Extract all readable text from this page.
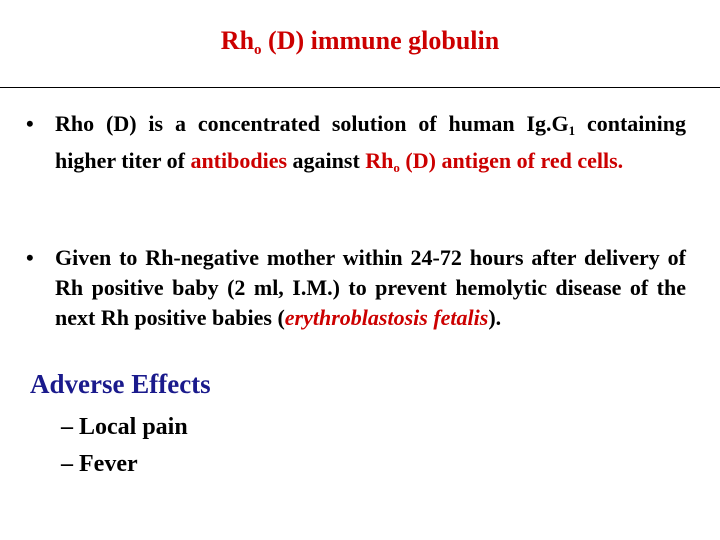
$Rh_o$ (D) immune globulin
• Rho (D) is a concentrated solution of human $Ig.G_1$ containing higher titer of antibodies against $Rh_o$ (D) antigen of red cells.
• Given to Rh-negative mother within 24-72 hours after delivery of Rh positive baby (2 ml, I.M.) to prevent hemolytic disease of the next Rh positive babies (erythroblastosis fetalis).
Adverse Effects
– Local pain
– Fever
